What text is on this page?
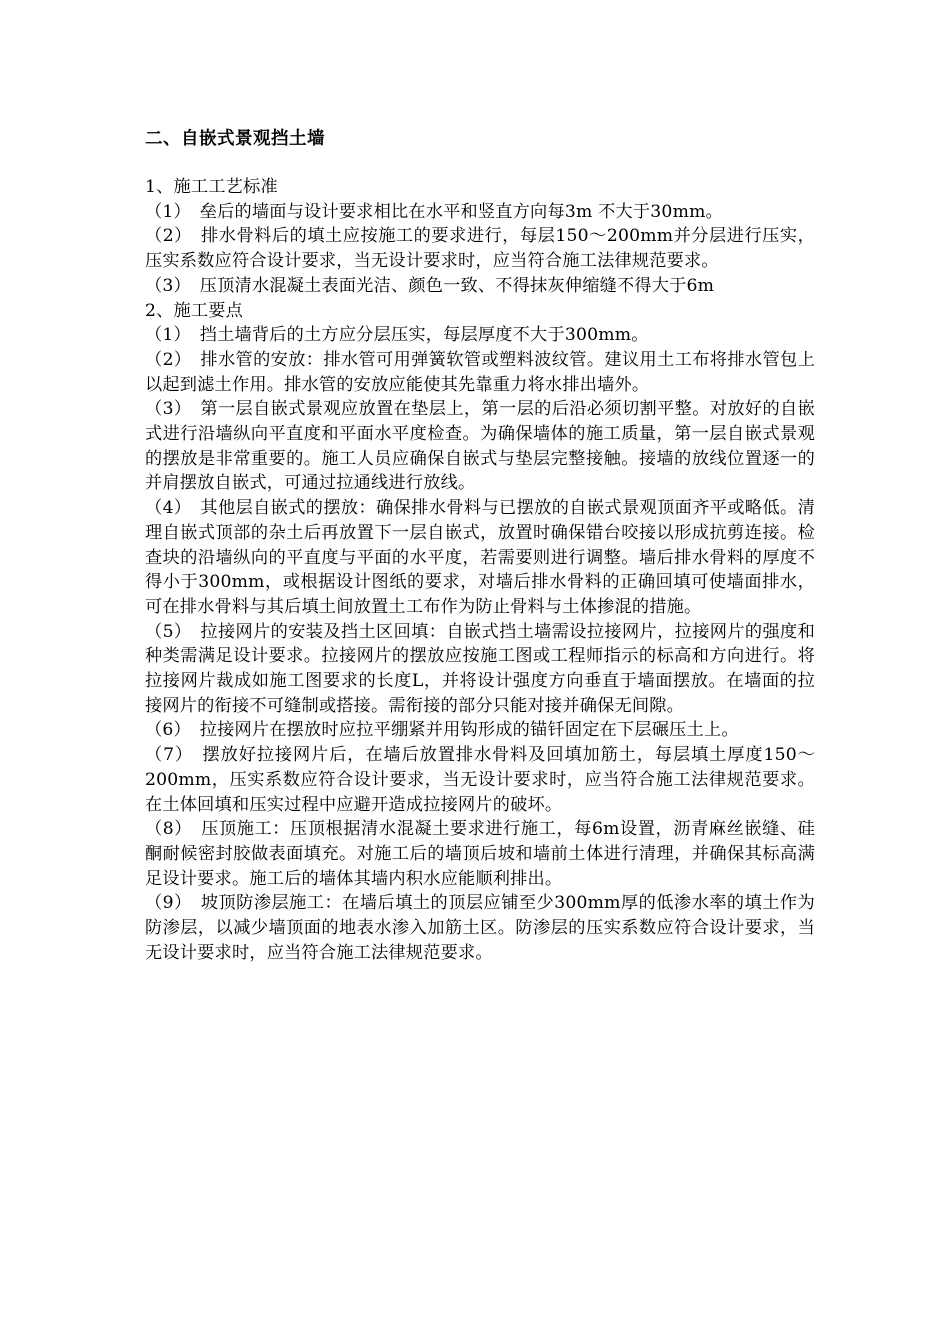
二、自嵌式景观挡土墙
1、施工工艺标准

（1）　垒后的墙面与设计要求相比在水平和竖直方向每3m 不大于30mm。

（2）　排水骨料后的填土应按施工的要求进行，每层150～200mm并分层进行压实，压实系数应符合设计要求，当无设计要求时，应当符合施工法律规范要求。

（3）　压顶清水混凝土表面光洁、颜色一致、不得抹灰伸缩缝不得大于6m

2、施工要点

（1）　挡土墙背后的土方应分层压实，每层厚度不大于300mm。

（2）　排水管的安放：排水管可用弹簧软管或塑料波纹管。建议用土工布将排水管包上以起到滤土作用。排水管的安放应能使其先靠重力将水排出墙外。

（3）　第一层自嵌式景观应放置在垫层上，第一层的后沿必须切割平整。对放好的自嵌式进行沿墙纵向平直度和平面水平度检查。为确保墙体的施工质量，第一层自嵌式景观的摆放是非常重要的。施工人员应确保自嵌式与垫层完整接触。接墙的放线位置逐一的并肩摆放自嵌式，可通过拉通线进行放线。

（4）　其他层自嵌式的摆放：确保排水骨料与已摆放的自嵌式景观顶面齐平或略低。清理自嵌式顶部的杂土后再放置下一层自嵌式，放置时确保错台咬接以形成抗剪连接。检查块的沿墙纵向的平直度与平面的水平度，若需要则进行调整。墙后排水骨料的厚度不得小于300mm，或根据设计图纸的要求，对墙后排水骨料的正确回填可使墙面排水，可在排水骨料与其后填土间放置土工布作为防止骨料与土体掺混的措施。

（5）　拉接网片的安装及挡土区回填：自嵌式挡土墙需设拉接网片，拉接网片的强度和种类需满足设计要求。拉接网片的摆放应按施工图或工程师指示的标高和方向进行。将拉接网片裁成如施工图要求的长度L，并将设计强度方向垂直于墙面摆放。在墙面的拉接网片的衔接不可缝制或搭接。需衔接的部分只能对接并确保无间隙。

（6）　拉接网片在摆放时应拉平绷紧并用钩形成的锚钎固定在下层碾压土上。

（7）　摆放好拉接网片后，在墙后放置排水骨料及回填加筋土，每层填土厚度150～200mm，压实系数应符合设计要求，当无设计要求时，应当符合施工法律规范要求。在土体回填和压实过程中应避开造成拉接网片的破坏。

（8）　压顶施工：压顶根据清水混凝土要求进行施工，每6m设置，沥青麻丝嵌缝、硅酮耐候密封胶做表面填充。对施工后的墙顶后坡和墙前土体进行清理，并确保其标高满足设计要求。施工后的墙体其墙内积水应能顺利排出。

（9）　坡顶防渗层施工：在墙后填土的顶层应铺至少300mm厚的低渗水率的填土作为防渗层，以减少墙顶面的地表水渗入加筋土区。防渗层的压实系数应符合设计要求，当无设计要求时，应当符合施工法律规范要求。
